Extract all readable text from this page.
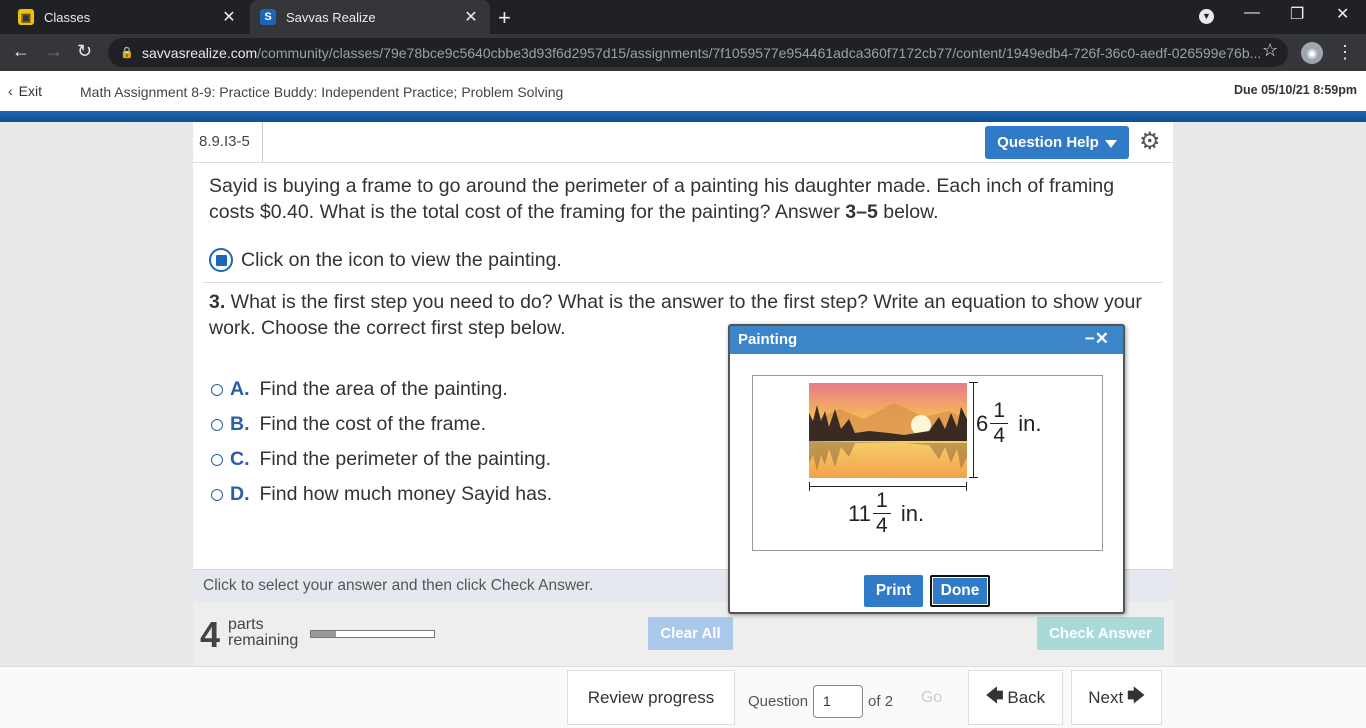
▣ Classes	✕	S	Savvas Realize	✕ +	▼ — ❐ ✕
← → ↻	🔒 savvasrealize.com/community/classes/79e78bce9c5640cbbe3d93f6d2957d15/assignments/7f1059577e954461adca360f7172cb77/content/1949edb4-726f-36c0-aedf-026599e76b... ☆	◉	⋮
‹ Exit	Math Assignment 8-9: Practice Buddy: Independent Practice; Problem Solving	Due 05/10/21 8:59pm
8.9.I3-5	Question Help ⚙
Sayid is buying a frame to go around the perimeter of a painting his daughter made. Each inch of framing costs $0.40. What is the total cost of the framing for the painting? Answer 3–5 below.
Click on the icon to view the painting.
3. What is the first step you need to do? What is the answer to the first step? Write an equation to show your work. Choose the correct first step below.
A. Find the area of the painting.
B. Find the cost of the frame.
C. Find the perimeter of the painting.
D. Find how much money Sayid has.
Click to select your answer and then click Check Answer.
4 parts
remaining	Clear All	Check Answer
Review progress	Question	1	of 2	Go	🡄 Back	Next 🡆
Painting	−✕
$6 \frac{1}{4}$ in.
$11 \frac{1}{4}$ in.
Print	Done
